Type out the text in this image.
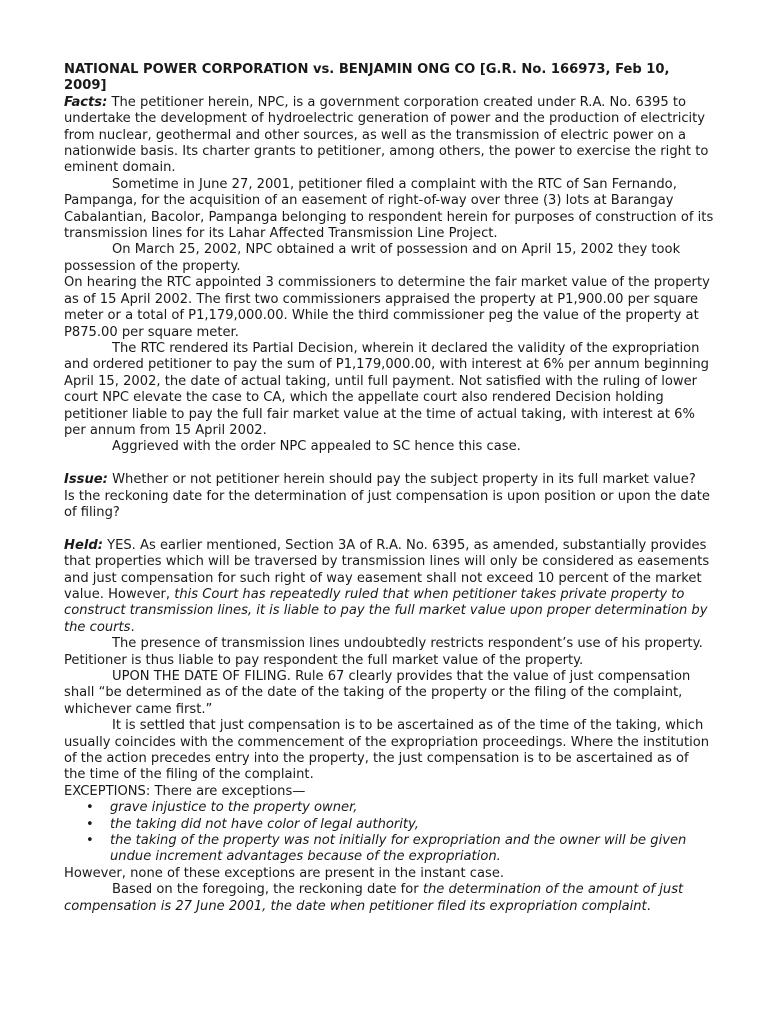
NATIONAL POWER CORPORATION vs. BENJAMIN ONG CO [G.R. No. 166973, Feb 10, 2009]

Facts: The petitioner herein, NPC, is a government corporation created under R.A. No. 6395 to undertake the development of hydroelectric generation of power and the production of electricity from nuclear, geothermal and other sources, as well as the transmission of electric power on a nationwide basis. Its charter grants to petitioner, among others, the power to exercise the right to eminent domain.

Sometime in June 27, 2001, petitioner filed a complaint with the RTC of San Fernando, Pampanga, for the acquisition of an easement of right-of-way over three (3) lots at Barangay Cabalantian, Bacolor, Pampanga belonging to respondent herein for purposes of construction of its transmission lines for its Lahar Affected Transmission Line Project.

On March 25, 2002, NPC obtained a writ of possession and on April 15, 2002 they took possession of the property.

On hearing the RTC appointed 3 commissioners to determine the fair market value of the property as of 15 April 2002. The first two commissioners appraised the property at P1,900.00 per square meter or a total of P1,179,000.00. While the third commissioner peg the value of the property at P875.00 per square meter.

The RTC rendered its Partial Decision, wherein it declared the validity of the expropriation and ordered petitioner to pay the sum of P1,179,000.00, with interest at 6% per annum beginning April 15, 2002, the date of actual taking, until full payment. Not satisfied with the ruling of lower court NPC elevate the case to CA, which the appellate court also rendered Decision holding petitioner liable to pay the full fair market value at the time of actual taking, with interest at 6% per annum from 15 April 2002.

Aggrieved with the order NPC appealed to SC hence this case.

Issue: Whether or not petitioner herein should pay the subject property in its full market value?

Is the reckoning date for the determination of just compensation is upon position or upon the date of filing?

Held: YES. As earlier mentioned, Section 3A of R.A. No. 6395, as amended, substantially provides that properties which will be traversed by transmission lines will only be considered as easements and just compensation for such right of way easement shall not exceed 10 percent of the market value. However, this Court has repeatedly ruled that when petitioner takes private property to construct transmission lines, it is liable to pay the full market value upon proper determination by the courts.

The presence of transmission lines undoubtedly restricts respondent’s use of his property. Petitioner is thus liable to pay respondent the full market value of the property.

UPON THE DATE OF FILING. Rule 67 clearly provides that the value of just compensation shall “be determined as of the date of the taking of the property or the filing of the complaint, whichever came first.”

It is settled that just compensation is to be ascertained as of the time of the taking, which usually coincides with the commencement of the expropriation proceedings. Where the institution of the action precedes entry into the property, the just compensation is to be ascertained as of the time of the filing of the complaint.

EXCEPTIONS: There are exceptions—

• grave injustice to the property owner,
• the taking did not have color of legal authority,
• the taking of the property was not initially for expropriation and the owner will be given undue increment advantages because of the expropriation.

However, none of these exceptions are present in the instant case.

Based on the foregoing, the reckoning date for the determination of the amount of just compensation is 27 June 2001, the date when petitioner filed its expropriation complaint.
